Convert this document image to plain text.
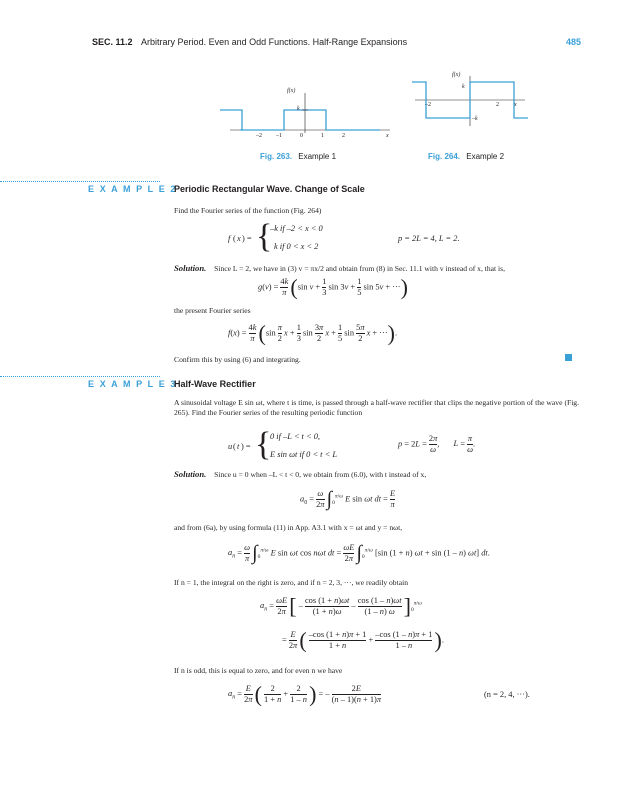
SEC. 11.2 Arbitrary Period. Even and Odd Functions. Half-Range Expansions	485
f(x)
k
x
–2 –1	0	1	2
Fig. 263. Example 1
f(x)
k
–k
x
–2	2
Fig. 264. Example 2
E X A M P L E 2
Periodic Rectangular Wave. Change of Scale
Find the Fourier series of the function (Fig. 264)
f ( x ) = {
–k if –2 < x < 0
k if 0 < x < 2
p = 2L = 4, L = 2.
Solution. Since L = 2, we have in (3) v = πx/2 and obtain from (8) in Sec. 11.1 with v instead of x, that is,
$g(v) = \frac{4k}{\pi} (\sin$ $v + \frac{1}{3}$ $\sin 3v + \frac{1}{5}$ sin 5v + ···)
the present Fourier series
$f(x) = \frac{4k}{\pi} (\sin \frac{\pi}{2}$ $x + \frac{1}{3}$ $\sin \frac{3\pi}{2}$ $x + \frac{1}{5}$ $\sin \frac{5\pi}{2}$ x + ···).
Confirm this by using (6) and integrating.
E X A M P L E 3
Half-Wave Rectifier
A sinusoidal voltage E sin ωt, where t is time, is passed through a half-wave rectifier that clips the negative portion of the wave (Fig. 265). Find the Fourier series of the resulting periodic function
u ( t ) = {
0 if –L < t < 0,
E sin ωt if 0 < t < L
$p = 2L = \frac{2\pi}{\omega}$ , $L = \frac{\pi}{\omega}$ .
Solution. Since u = 0 when –L < t < 0, we obtain from (6.0), with t instead of x,
$a_0 = \frac{\omega}{2\pi} \int_0^{\pi/\omega}$ E sin ωt dt = $\frac{E}{\pi}$
and from (6a), by using formula (11) in App. A3.1 with x = ωt and y = nωt,
$a_n = \frac{\omega}{\pi} \int_0^{\pi/\omega}$ E sin ωt cos nωt dt = $\frac{\omega E}{2\pi} \int_0^{\pi/\omega}$ [sin (1 + n) ωt + sin (1 – n) ωt] dt.
If n = 1, the integral on the right is zero, and if n = 2, 3, ···, we readily obtain
$a_n = \frac{\omega E}{2\pi}$ [ – $\frac{\cos (1 + n)\omega t}{(1 + n)\omega} - \frac{\cos (1 - n)\omega t}{(1 - n) \omega} ]_0^{\pi/\omega}$
= $\frac{E}{2\pi}$ ( $\frac{-\cos (1 + n)\pi + 1}{1 + n} + \frac{-\cos (1 - n)\pi + 1}{1 - n}$ ).
If n is odd, this is equal to zero, and for even n we have
$a_n = \frac{E}{2\pi}$ ( $\frac{2}{1 + n} + \frac{2}{1 - n}$ ) = – $\frac{2E}{(n - 1)(n + 1)\pi}$	(n = 2, 4, ···).
